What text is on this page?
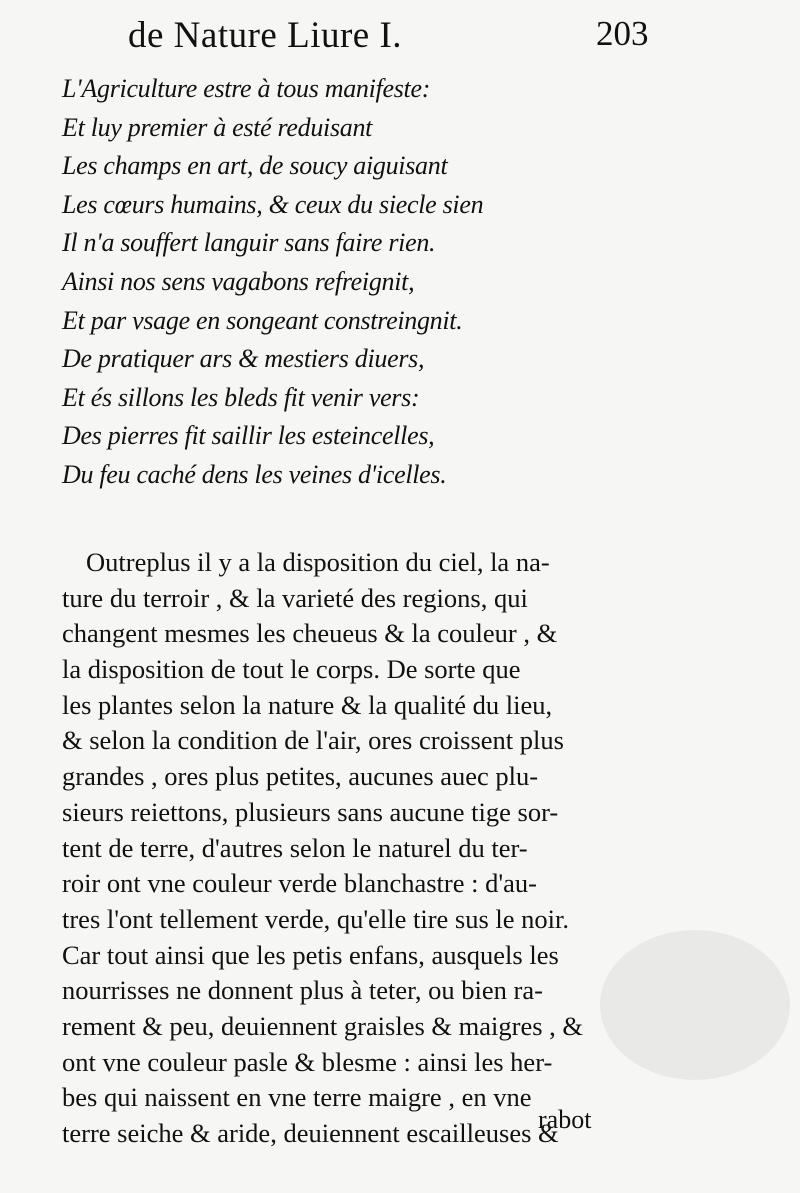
de Nature Liure I.	203
L'Agriculture estre à tous manifeste:
Et luy premier à esté reduisant
Les champs en art, de soucy aiguisant
Les cœurs humains, & ceux du siecle sien
Il n'a souffert languir sans faire rien.
Ainsi nos sens vagabons refreignit,
Et par vsage en songeant constreingnit.
De pratiquer ars & mestiers diuers,
Et és sillons les bleds fit venir vers:
Des pierres fit saillir les esteincelles,
Du feu caché dens les veines d'icelles.
Outreplus il y a la disposition du ciel, la na-
ture du terroir , & la varieté des regions, qui
changent mesmes les cheueus & la couleur , &
la disposition de tout le corps. De sorte que
les plantes selon la nature & la qualité du lieu,
& selon la condition de l'air, ores croissent plus
grandes , ores plus petites, aucunes auec plu-
sieurs reiettons, plusieurs sans aucune tige sor-
tent de terre, d'autres selon le naturel du ter-
roir ont vne couleur verde blanchastre : d'au-
tres l'ont tellement verde, qu'elle tire sus le noir.
Car tout ainsi que les petis enfans, ausquels les
nourrisses ne donnent plus à teter, ou bien ra-
rement & peu, deuiennent graisles & maigres , &
ont vne couleur pasle & blesme : ainsi les her-
bes qui naissent en vne terre maigre , en vne
terre seiche & aride, deuiennent escailleuses &
rabot
